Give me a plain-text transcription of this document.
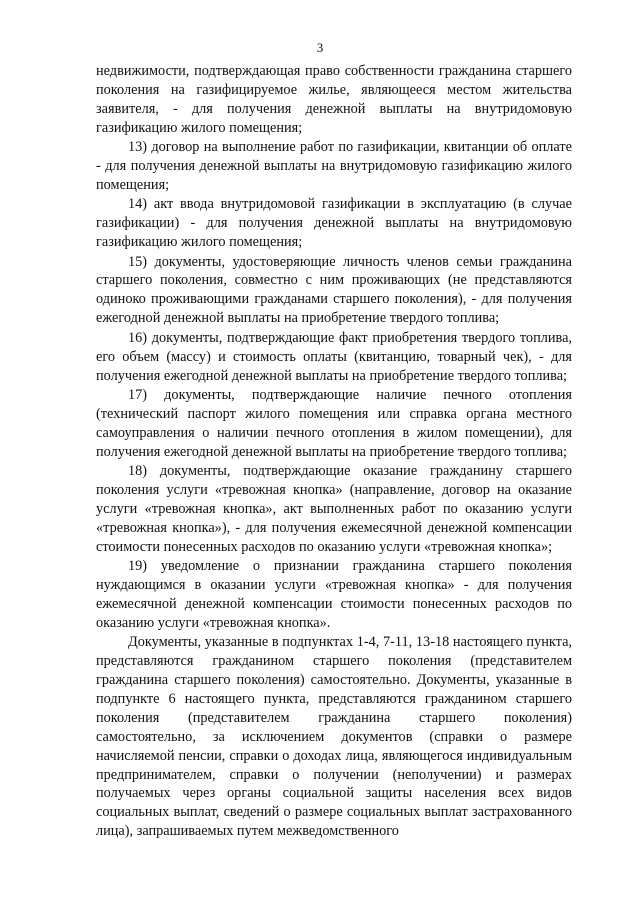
3

недвижимости, подтверждающая право собственности гражданина старшего поколения на газифицируемое жилье, являющееся местом жительства заявителя, - для получения денежной выплаты на внутридомовую газификацию жилого помещения;

13) договор на выполнение работ по газификации, квитанции об оплате - для получения денежной выплаты на внутридомовую газификацию жилого помещения;

14) акт ввода внутридомовой газификации в эксплуатацию (в случае газификации) - для получения денежной выплаты на внутридомовую газификацию жилого помещения;

15) документы, удостоверяющие личность членов семьи гражданина старшего поколения, совместно с ним проживающих (не представляются одиноко проживающими гражданами старшего поколения), - для получения ежегодной денежной выплаты на приобретение твердого топлива;

16) документы, подтверждающие факт приобретения твердого топлива, его объем (массу) и стоимость оплаты (квитанцию, товарный чек), - для получения ежегодной денежной выплаты на приобретение твердого топлива;

17) документы, подтверждающие наличие печного отопления (технический паспорт жилого помещения или справка органа местного самоуправления о наличии печного отопления в жилом помещении), для получения ежегодной денежной выплаты на приобретение твердого топлива;

18) документы, подтверждающие оказание гражданину старшего поколения услуги «тревожная кнопка» (направление, договор на оказание услуги «тревожная кнопка», акт выполненных работ по оказанию услуги «тревожная кнопка»), - для получения ежемесячной денежной компенсации стоимости понесенных расходов по оказанию услуги «тревожная кнопка»;

19) уведомление о признании гражданина старшего поколения нуждающимся в оказании услуги «тревожная кнопка» - для получения ежемесячной денежной компенсации стоимости понесенных расходов по оказанию услуги «тревожная кнопка».

Документы, указанные в подпунктах 1-4, 7-11, 13-18 настоящего пункта, представляются гражданином старшего поколения (представителем гражданина старшего поколения) самостоятельно. Документы, указанные в подпункте 6 настоящего пункта, представляются гражданином старшего поколения (представителем гражданина старшего поколения) самостоятельно, за исключением документов (справки о размере начисляемой пенсии, справки о доходах лица, являющегося индивидуальным предпринимателем, справки о получении (неполучении) и размерах получаемых через органы социальной защиты населения всех видов социальных выплат, сведений о размере социальных выплат застрахованного лица), запрашиваемых путем межведомственного
